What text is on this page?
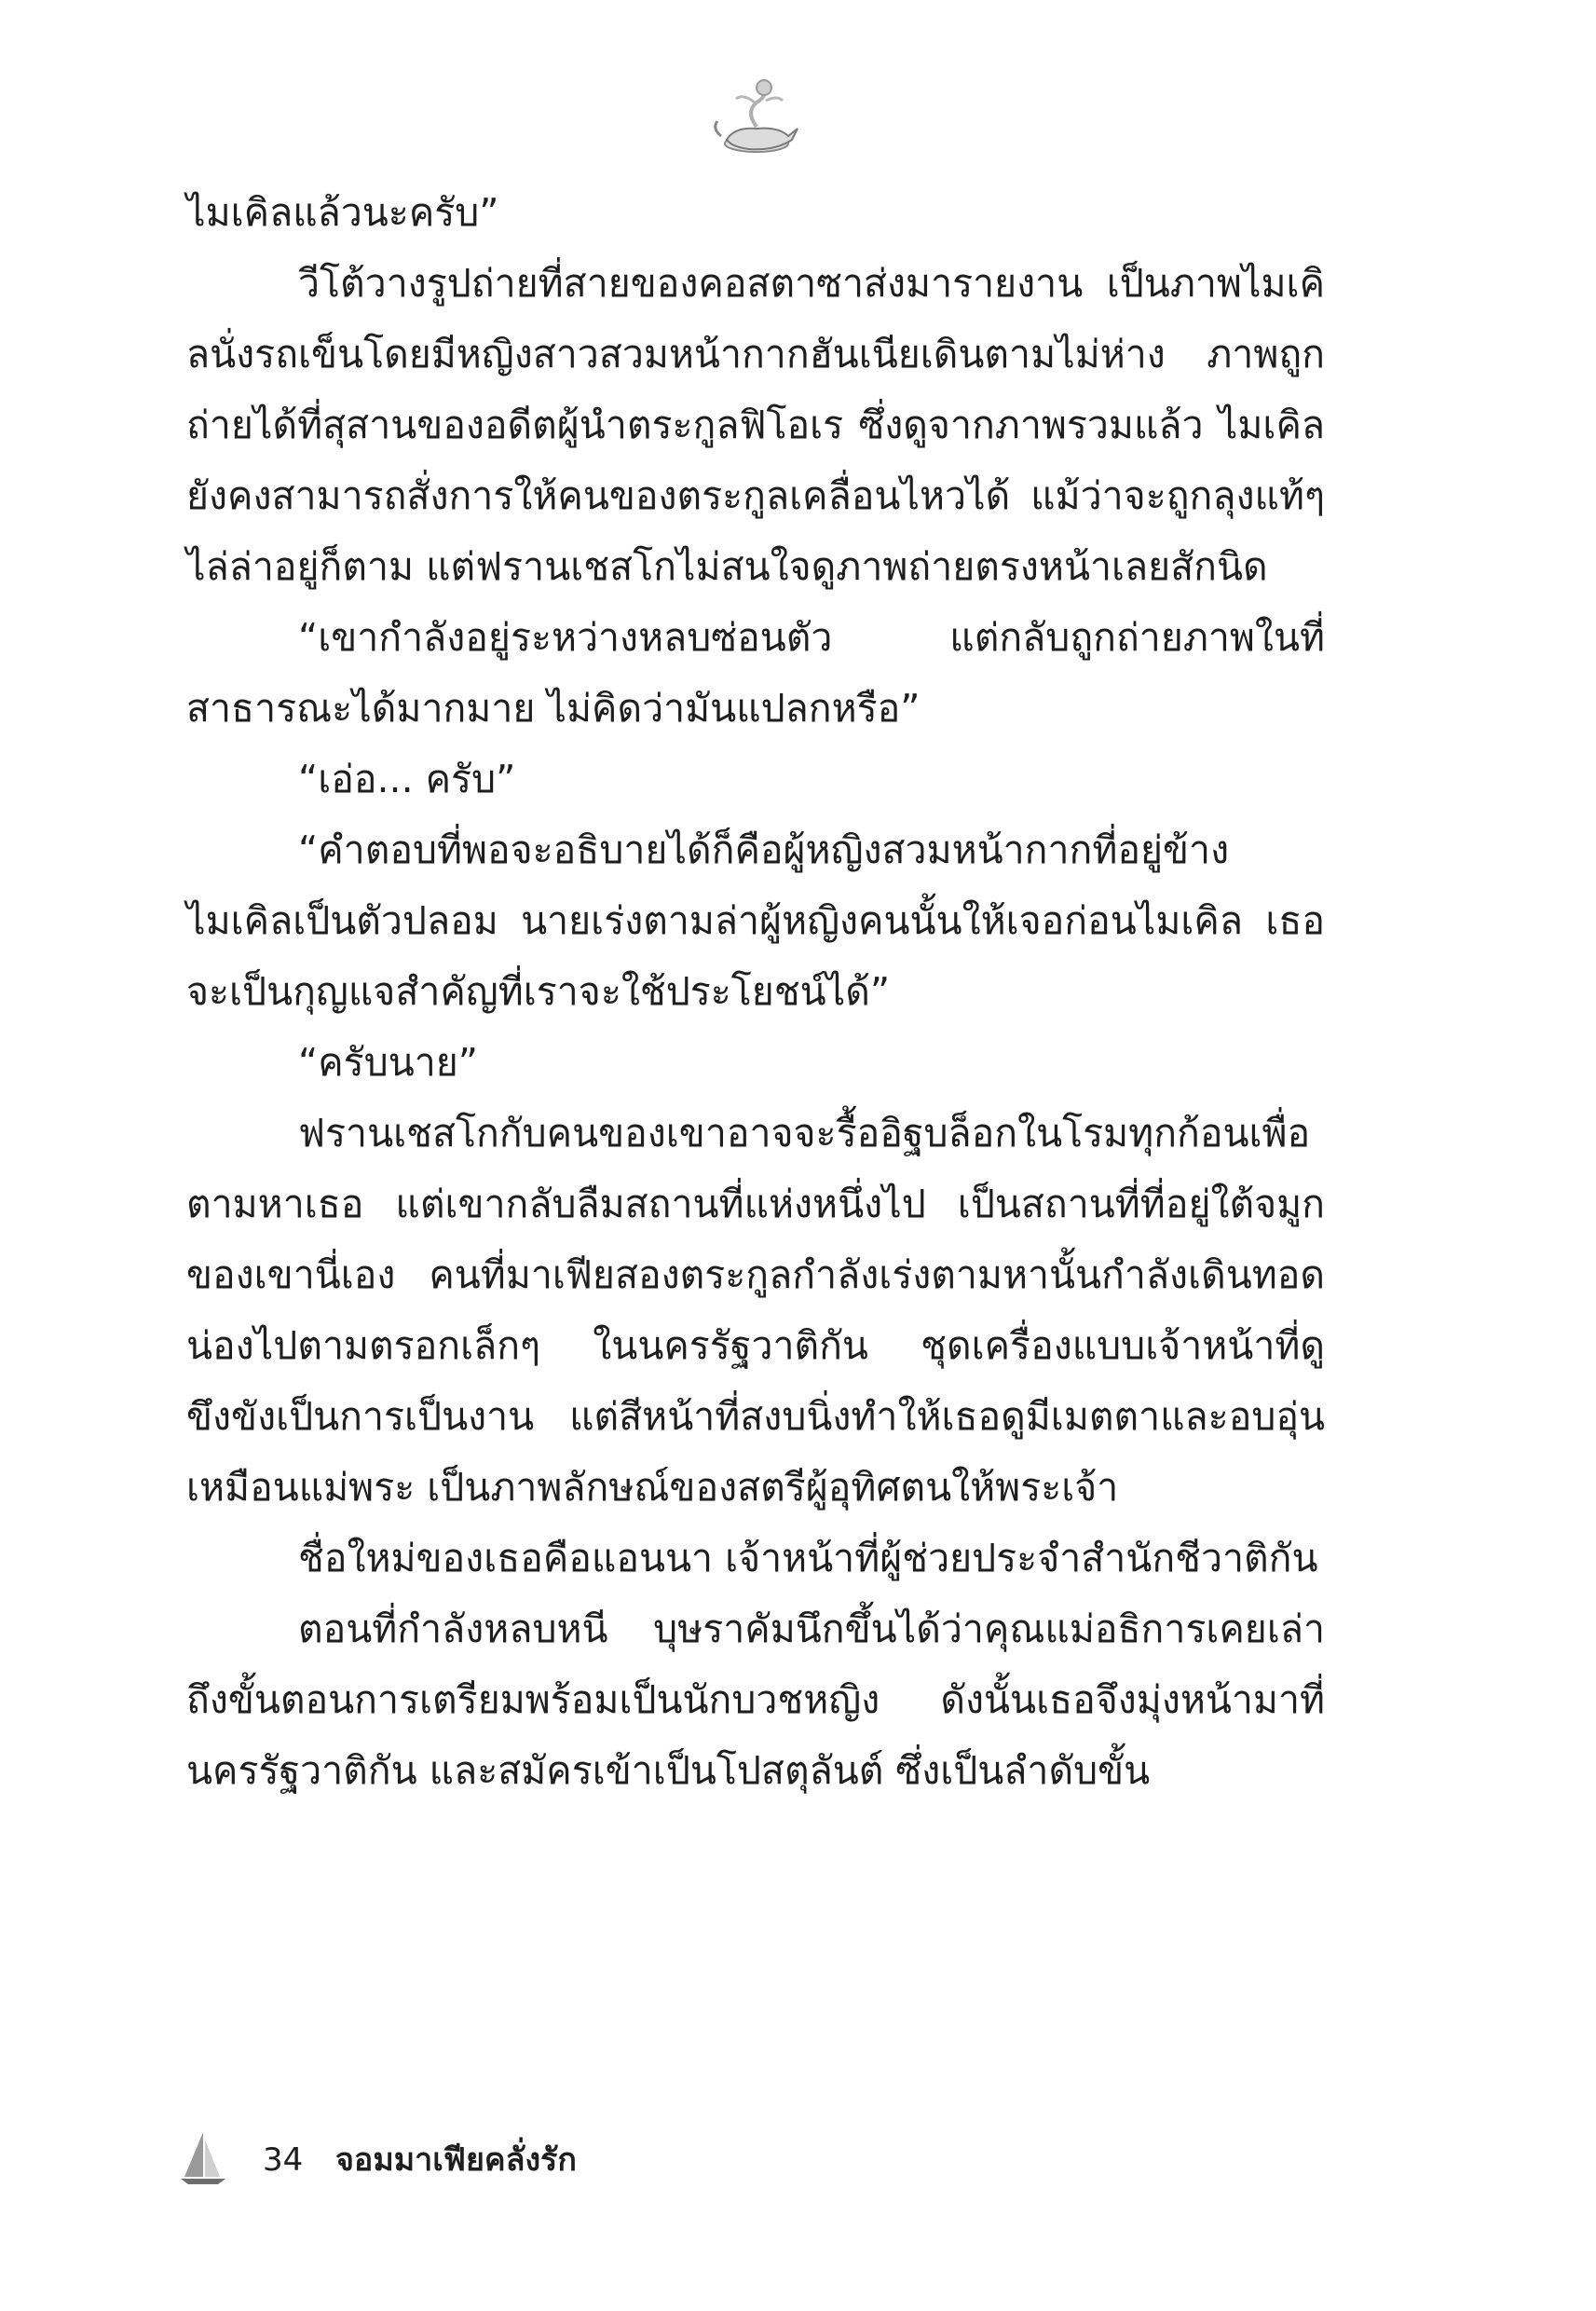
ไมเคิลแล้วนะครับ”

วีโต้วางรูปถ่ายที่สายของคอสตาซาส่งมารายงาน เป็นภาพไมเคิลนั่งรถเข็นโดยมีหญิงสาวสวมหน้ากากฮันเนียเดินตามไม่ห่าง ภาพถูกถ่ายได้ที่สุสานของอดีตผู้นำตระกูลฟิโอเร ซึ่งดูจากภาพรวมแล้ว ไมเคิลยังคงสามารถสั่งการให้คนของตระกูลเคลื่อนไหวได้ แม้ว่าจะถูกลุงแท้ๆไล่ล่าอยู่ก็ตาม แต่ฟรานเชสโกไม่สนใจดูภาพถ่ายตรงหน้าเลยสักนิด

“เขากำลังอยู่ระหว่างหลบซ่อนตัว แต่กลับถูกถ่ายภาพในที่สาธารณะได้มากมาย ไม่คิดว่ามันแปลกหรือ”

“เอ่อ... ครับ”

“คำตอบที่พอจะอธิบายได้ก็คือผู้หญิงสวมหน้ากากที่อยู่ข้างไมเคิลเป็นตัวปลอม นายเร่งตามล่าผู้หญิงคนนั้นให้เจอก่อนไมเคิล เธอจะเป็นกุญแจสำคัญที่เราจะใช้ประโยชน์ได้”

“ครับนาย”

ฟรานเชสโกกับคนของเขาอาจจะรื้ออิฐบล็อกในโรมทุกก้อนเพื่อตามหาเธอ แต่เขากลับลืมสถานที่แห่งหนึ่งไป เป็นสถานที่ที่อยู่ใต้จมูกของเขานี่เอง คนที่มาเฟียสองตระกูลกำลังเร่งตามหานั้นกำลังเดินทอดน่องไปตามตรอกเล็กๆ ในนครรัฐวาติกัน ชุดเครื่องแบบเจ้าหน้าที่ดูขึงขังเป็นการเป็นงาน แต่สีหน้าที่สงบนิ่งทำให้เธอดูมีเมตตาและอบอุ่นเหมือนแม่พระ เป็นภาพลักษณ์ของสตรีผู้อุทิศตนให้พระเจ้า

ชื่อใหม่ของเธอคือแอนนา เจ้าหน้าที่ผู้ช่วยประจำสำนักชีวาติกัน

ตอนที่กำลังหลบหนี บุษราคัมนึกขึ้นได้ว่าคุณแม่อธิการเคยเล่าถึงขั้นตอนการเตรียมพร้อมเป็นนักบวชหญิง ดังนั้นเธอจึงมุ่งหน้ามาที่นครรัฐวาติกัน และสมัครเข้าเป็นโปสตุลันต์ ซึ่งเป็นลำดับขั้น

34 จอมมาเฟียคลั่งรัก
